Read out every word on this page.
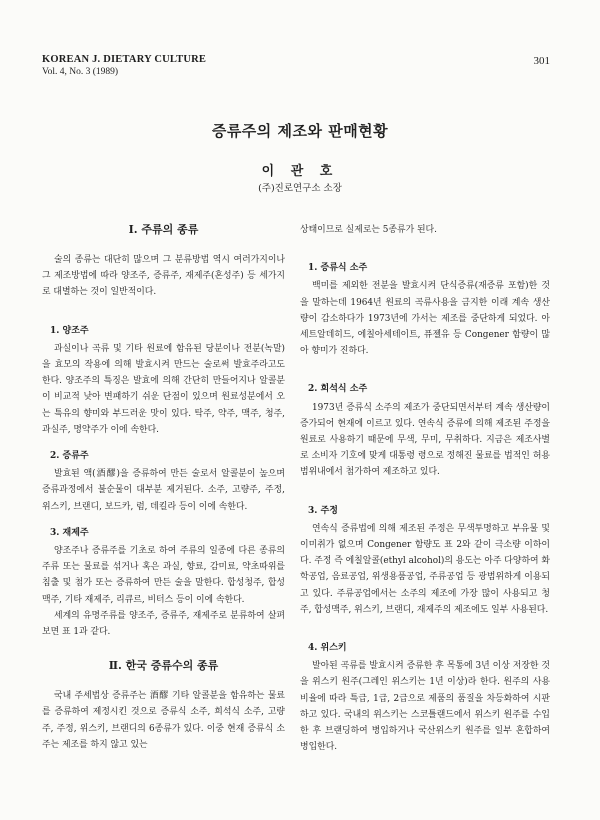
KOREAN J. DIETARY CULTURE
Vol. 4, No. 3 (1989)
301
증류주의 제조와 판매현황
이 관 호
(주)진로연구소 소장
Ⅰ. 주류의 종류

술의 종류는 대단히 많으며 그 분류방법 역시 여러가지이나 그 제조방법에 따라 양조주, 증류주, 재제주(혼성주) 등 세가지로 대별하는 것이 일반적이다.

1. 양조주

과실이나 곡류 및 기타 원료에 함유된 당분이나 전분(녹말)을 효모의 작용에 의해 발효시켜 만드는 술로써 발효주라고도 한다. 양조주의 특징은 발효에 의해 간단히 만들어지나 알콜분이 비교적 낮아 변패하기 쉬운 단점이 있으며 원료성분에서 오는 특유의 향미와 부드러운 맛이 있다. 탁주, 약주, 맥주, 청주, 과실주, 명약주가 이에 속한다.

2. 증류주

발효된 액(酒醪)을 증류하여 만든 술로서 알콜분이 높으며 증류과정에서 불순물이 대부분 제거된다. 소주, 고량주, 주정, 위스키, 브랜디, 보드카, 럼, 데킬라 등이 이에 속한다.

3. 재제주

양조주나 증류주를 기초로 하여 주류의 일종에 다른 종류의 주류 또는 물료를 섞거나 혹은 과실, 향료, 감미료, 약초따위를 침출 및 첨가 또는 증류하여 만든 술을 말한다. 합성청주, 합성맥주, 기타 재제주, 리큐르, 비터스 등이 이에 속한다.

세계의 유명주류를 양조주, 증류주, 재제주로 분류하여 살펴보면 표 1과 같다.

Ⅱ. 한국 증류수의 종류

국내 주세법상 증류주는 酒醪 기타 알콜분을 함유하는 물료를 증류하여 제정시킨 것으로 증류식 소주, 희석식 소주, 고량주, 주정, 위스키, 브랜디의 6종류가 있다. 이중 현재 증류식 소주는 제조를 하지 않고 있는

상태이므로 실제로는 5종류가 된다.

1. 증류식 소주

백미를 제외한 전분을 발효시켜 단식증류(재증류 포함)한 것을 말하는데 1964년 원료의 곡류사용을 금지한 이래 계속 생산량이 감소하다가 1973년에 가서는 제조를 중단하게 되었다. 아세트알데히드, 에칠아세테이트, 퓨젤유 등 Congener 함량이 많아 향미가 진하다.

2. 희석식 소주

1973년 증류식 소주의 제조가 중단되면서부터 계속 생산량이 증가되어 현재에 이르고 있다. 연속식 증류에 의해 제조된 주정을 원료로 사용하기 때문에 무색, 무미, 무취하다. 지금은 제조사별로 소비자 기호에 맞게 대통령 령으로 정해진 물료를 법적인 허용범위내에서 첨가하여 제조하고 있다.

3. 주정

연속식 증류법에 의해 제조된 주정은 무색투명하고 부유물 및 이미취가 없으며 Congener 함량도 표 2와 같이 극소량 이하이다. 주정 즉 에칠알콜(ethyl alcohol)의 용도는 아주 다양하여 화학공업, 음료공업, 위생용품공업, 주류공업 등 광범위하게 이용되고 있다. 주류공업에서는 소주의 제조에 가장 많이 사용되고 청주, 합성맥주, 위스키, 브랜디, 재제주의 제조에도 일부 사용된다.

4. 위스키

발아된 곡류를 발효시켜 증류한 후 목통에 3년 이상 저장한 것을 위스키 원주(그레인 위스키는 1년 이상)라 한다. 원주의 사용비율에 따라 특급, 1급, 2급으로 제품의 품질을 차등화하여 시판하고 있다. 국내의 위스키는 스코틀랜드에서 위스키 원주를 수입한 후 브랜딩하여 병입하거나 국산위스키 원주를 일부 혼합하여 병입한다.
